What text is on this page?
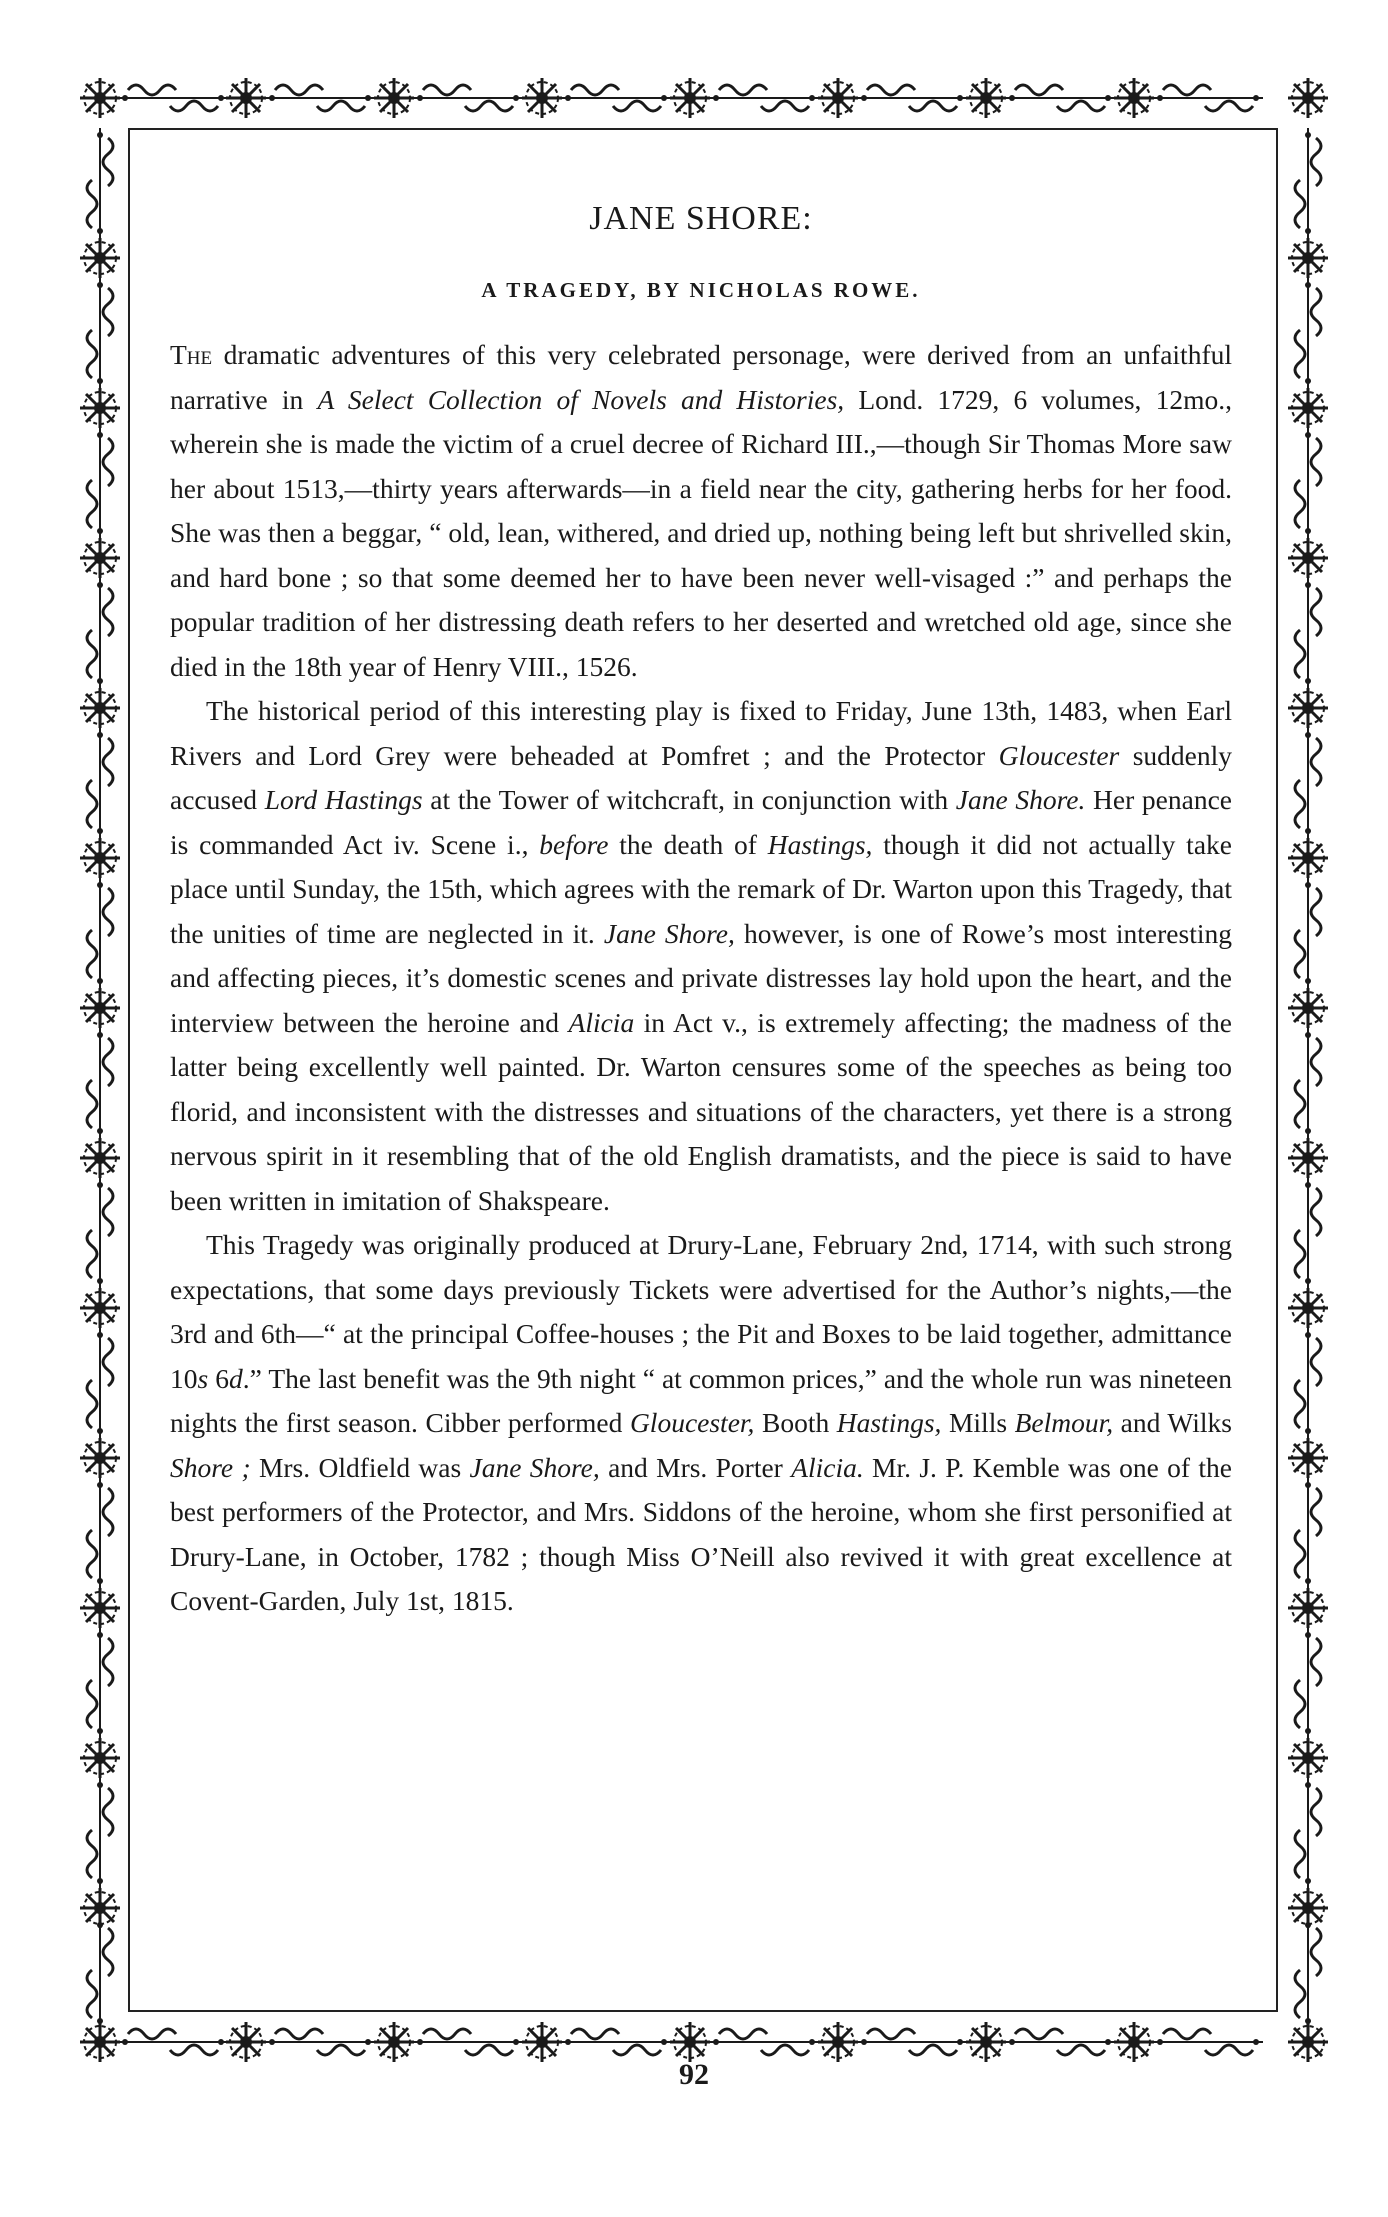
JANE SHORE:
A TRAGEDY, BY NICHOLAS ROWE.

The dramatic adventures of this very celebrated personage, were derived from an unfaithful narrative in A Select Collection of Novels and Histories, Lond. 1729, 6 volumes, 12mo., wherein she is made the victim of a cruel decree of Richard III.,—though Sir Thomas More saw her about 1513,—thirty years afterwards—in a field near the city, gathering herbs for her food. She was then a beggar, “ old, lean, withered, and dried up, nothing being left but shrivelled skin, and hard bone ; so that some deemed her to have been never well-visaged :” and perhaps the popular tradition of her distressing death refers to her deserted and wretched old age, since she died in the 18th year of Henry VIII., 1526.

The historical period of this interesting play is fixed to Friday, June 13th, 1483, when Earl Rivers and Lord Grey were beheaded at Pomfret ; and the Protector Gloucester suddenly accused Lord Hastings at the Tower of witchcraft, in conjunction with Jane Shore. Her penance is commanded Act iv. Scene i., before the death of Hastings, though it did not actually take place until Sunday, the 15th, which agrees with the remark of Dr. Warton upon this Tragedy, that the unities of time are neglected in it. Jane Shore, however, is one of Rowe’s most interesting and affecting pieces, it’s domestic scenes and private distresses lay hold upon the heart, and the interview between the heroine and Alicia in Act v., is extremely affecting; the madness of the latter being excellently well painted. Dr. Warton censures some of the speeches as being too florid, and inconsistent with the distresses and situations of the characters, yet there is a strong nervous spirit in it resembling that of the old English dramatists, and the piece is said to have been written in imitation of Shakspeare.

This Tragedy was originally produced at Drury-Lane, February 2nd, 1714, with such strong expectations, that some days previously Tickets were advertised for the Author’s nights,—the 3rd and 6th—“ at the principal Coffee-houses ; the Pit and Boxes to be laid together, admittance 10s 6d.” The last benefit was the 9th night “ at common prices,” and the whole run was nineteen nights the first season. Cibber performed Gloucester, Booth Hastings, Mills Belmour, and Wilks Shore ; Mrs. Oldfield was Jane Shore, and Mrs. Porter Alicia. Mr. J. P. Kemble was one of the best performers of the Protector, and Mrs. Siddons of the heroine, whom she first personified at Drury-Lane, in October, 1782 ; though Miss O’Neill also revived it with great excellence at Covent-Garden, July 1st, 1815.

92
